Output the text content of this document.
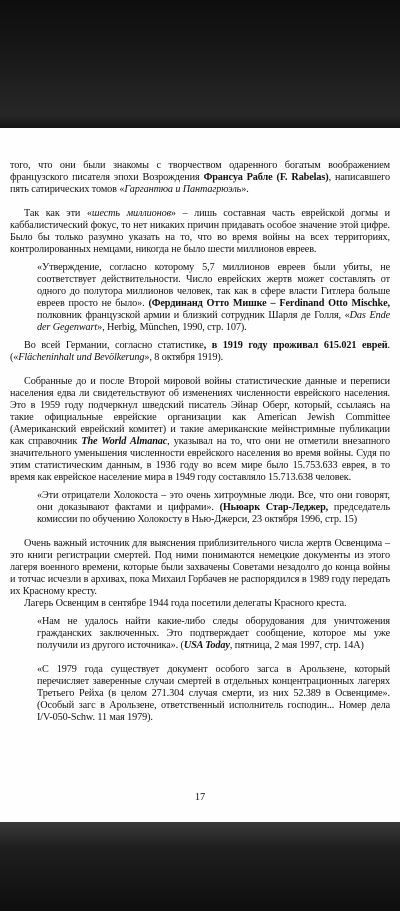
того, что они были знакомы с творчеством одаренного богатым воображением французского писателя эпохи Возрождения Франсуа Рабле (F. Rabelas), написавшего пять сатирических томов «Гаргантюа и Пантагрюэль».

Так как эти «шесть миллионов» – лишь составная часть еврейской догмы и каббалистический фокус, то нет никаких причин придавать особое значение этой цифре. Было бы только разумно указать на то, что во время войны на всех территориях, контролированных немцами, никогда не было шести миллионов евреев.

«Утверждение, согласно которому 5,7 миллионов евреев были убиты, не соответствует действительности. Число еврейских жертв может составлять от одного до полутора миллионов человек, так как в сфере власти Гитлера больше евреев просто не было». (Фердинанд Отто Мишке – Ferdinand Otto Mischke, полковник французской армии и близкий сотрудник Шарля де Голля, «Das Ende der Gegenwart», Herbig, München, 1990, стр. 107).

Во всей Германии, согласно статистике, в 1919 году проживал 615.021 еврей. («Flächeninhalt und Bevölkerung», 8 октября 1919).

Собранные до и после Второй мировой войны статистические данные и переписи населения едва ли свидетельствуют об изменениях численности еврейского населения. Это в 1959 году подчеркнул шведский писатель Эйнар Оберг, который, ссылаясь на такие официальные еврейские организации как American Jewish Committee (Американский еврейский комитет) и такие американские мейнстримные публикации как справочник The World Almanac, указывал на то, что они не отметили внезапного значительного уменьшения численности еврейского населения во время войны. Судя по этим статистическим данным, в 1936 году во всем мире было 15.753.633 еврея, в то время как еврейское население мира в 1949 году составляло 15.713.638 человек.

«Эти отрицатели Холокоста – это очень хитроумные люди. Все, что они говорят, они доказывают фактами и цифрами». (Ньюарк Стар-Леджер, председатель комиссии по обучению Холокосту в Нью-Джерси, 23 октября 1996, стр. 15)

Очень важный источник для выяснения приблизительного числа жертв Освенцима – это книги регистрации смертей. Под ними понимаются немецкие документы из этого лагеря военного времени, которые были захвачены Советами незадолго до конца войны и тотчас исчезли в архивах, пока Михаил Горбачев не распорядился в 1989 году передать их Красному кресту.

Лагерь Освенцим в сентябре 1944 года посетили делегаты Красного креста.

«Нам не удалось найти какие-либо следы оборудования для уничтожения гражданских заключенных. Это подтверждает сообщение, которое мы уже получили из другого источника». (USA Today, пятница, 2 мая 1997, стр. 14А)

«С 1979 года существует документ особого загса в Арользене, который перечисляет заверенные случаи смертей в отдельных концентрационных лагерях Третьего Рейха (в целом 271.304 случая смерти, из них 52.389 в Освенциме». (Особый загс в Арользене, ответственный исполнитель господин... Номер дела I/V-050-Schw. 11 мая 1979).

17
